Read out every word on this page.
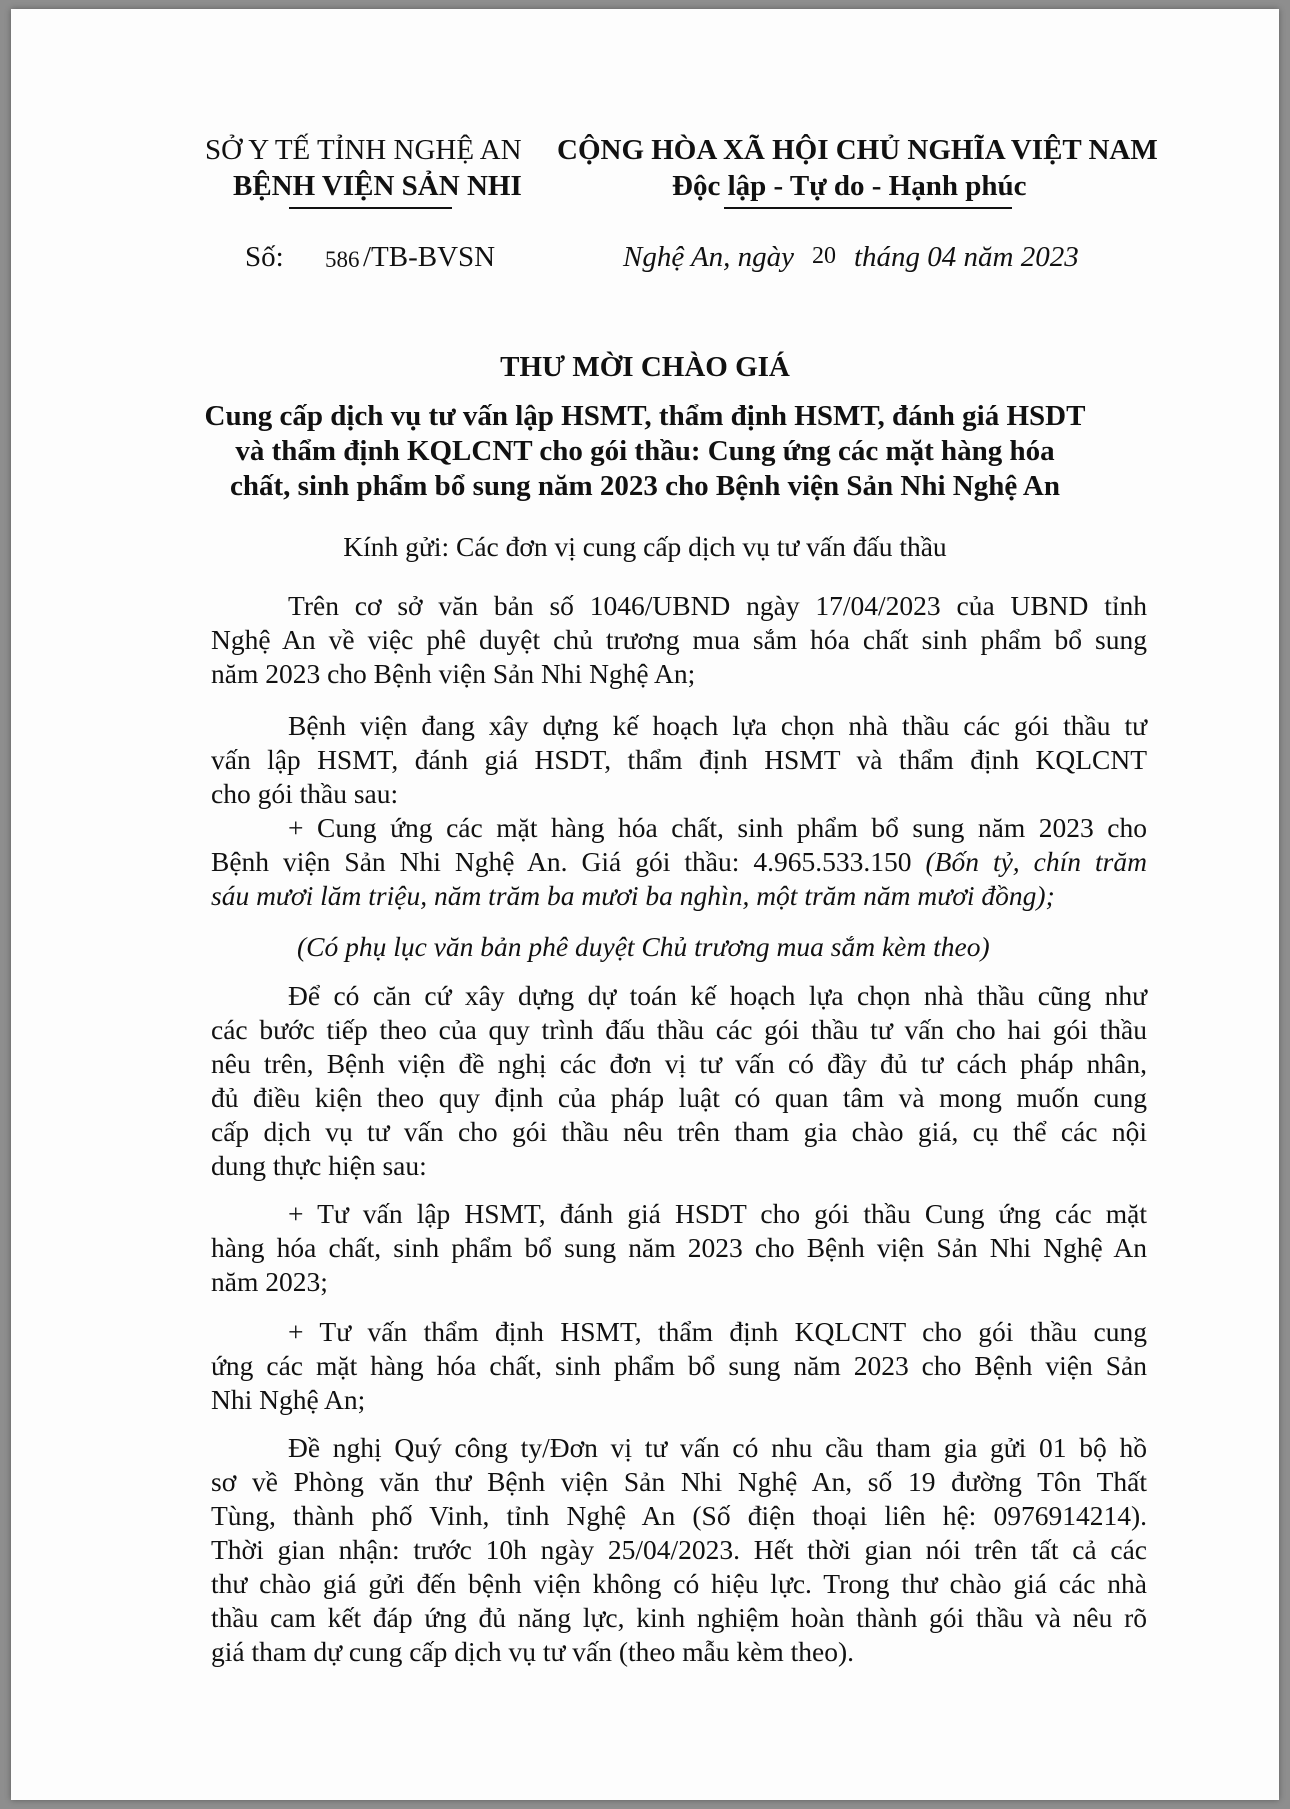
SỞ Y TẾ TỈNH NGHỆ AN
BỆNH VIỆN SẢN NHI
CỘNG HÒA XÃ HỘI CHỦ NGHĨA VIỆT NAM
Độc lập - Tự do - Hạnh phúc
Số: 586 /TB-BVSN	Nghệ An, ngày 20 tháng 04 năm 2023
THƯ MỜI CHÀO GIÁ
Cung cấp dịch vụ tư vấn lập HSMT, thẩm định HSMT, đánh giá HSDT
và thẩm định KQLCNT cho gói thầu: Cung ứng các mặt hàng hóa
chất, sinh phẩm bổ sung năm 2023 cho Bệnh viện Sản Nhi Nghệ An
Kính gửi: Các đơn vị cung cấp dịch vụ tư vấn đấu thầu
Trên cơ sở văn bản số 1046/UBND ngày 17/04/2023 của UBND tỉnh
Nghệ An về việc phê duyệt chủ trương mua sắm hóa chất sinh phẩm bổ sung
năm 2023 cho Bệnh viện Sản Nhi Nghệ An;
Bệnh viện đang xây dựng kế hoạch lựa chọn nhà thầu các gói thầu tư
vấn lập HSMT, đánh giá HSDT, thẩm định HSMT và thẩm định KQLCNT
cho gói thầu sau:
+ Cung ứng các mặt hàng hóa chất, sinh phẩm bổ sung năm 2023 cho
Bệnh viện Sản Nhi Nghệ An. Giá gói thầu: 4.965.533.150 (Bốn tỷ, chín trăm
sáu mươi lăm triệu, năm trăm ba mươi ba nghìn, một trăm năm mươi đồng);
(Có phụ lục văn bản phê duyệt Chủ trương mua sắm kèm theo)
Để có căn cứ xây dựng dự toán kế hoạch lựa chọn nhà thầu cũng như
các bước tiếp theo của quy trình đấu thầu các gói thầu tư vấn cho hai gói thầu
nêu trên, Bệnh viện đề nghị các đơn vị tư vấn có đầy đủ tư cách pháp nhân,
đủ điều kiện theo quy định của pháp luật có quan tâm và mong muốn cung
cấp dịch vụ tư vấn cho gói thầu nêu trên tham gia chào giá, cụ thể các nội
dung thực hiện sau:
+ Tư vấn lập HSMT, đánh giá HSDT cho gói thầu Cung ứng các mặt
hàng hóa chất, sinh phẩm bổ sung năm 2023 cho Bệnh viện Sản Nhi Nghệ An
năm 2023;
+ Tư vấn thẩm định HSMT, thẩm định KQLCNT cho gói thầu cung
ứng các mặt hàng hóa chất, sinh phẩm bổ sung năm 2023 cho Bệnh viện Sản
Nhi Nghệ An;
Đề nghị Quý công ty/Đơn vị tư vấn có nhu cầu tham gia gửi 01 bộ hồ
sơ về Phòng văn thư Bệnh viện Sản Nhi Nghệ An, số 19 đường Tôn Thất
Tùng, thành phố Vinh, tỉnh Nghệ An (Số điện thoại liên hệ: 0976914214).
Thời gian nhận: trước 10h ngày 25/04/2023. Hết thời gian nói trên tất cả các
thư chào giá gửi đến bệnh viện không có hiệu lực. Trong thư chào giá các nhà
thầu cam kết đáp ứng đủ năng lực, kinh nghiệm hoàn thành gói thầu và nêu rõ
giá tham dự cung cấp dịch vụ tư vấn (theo mẫu kèm theo).
